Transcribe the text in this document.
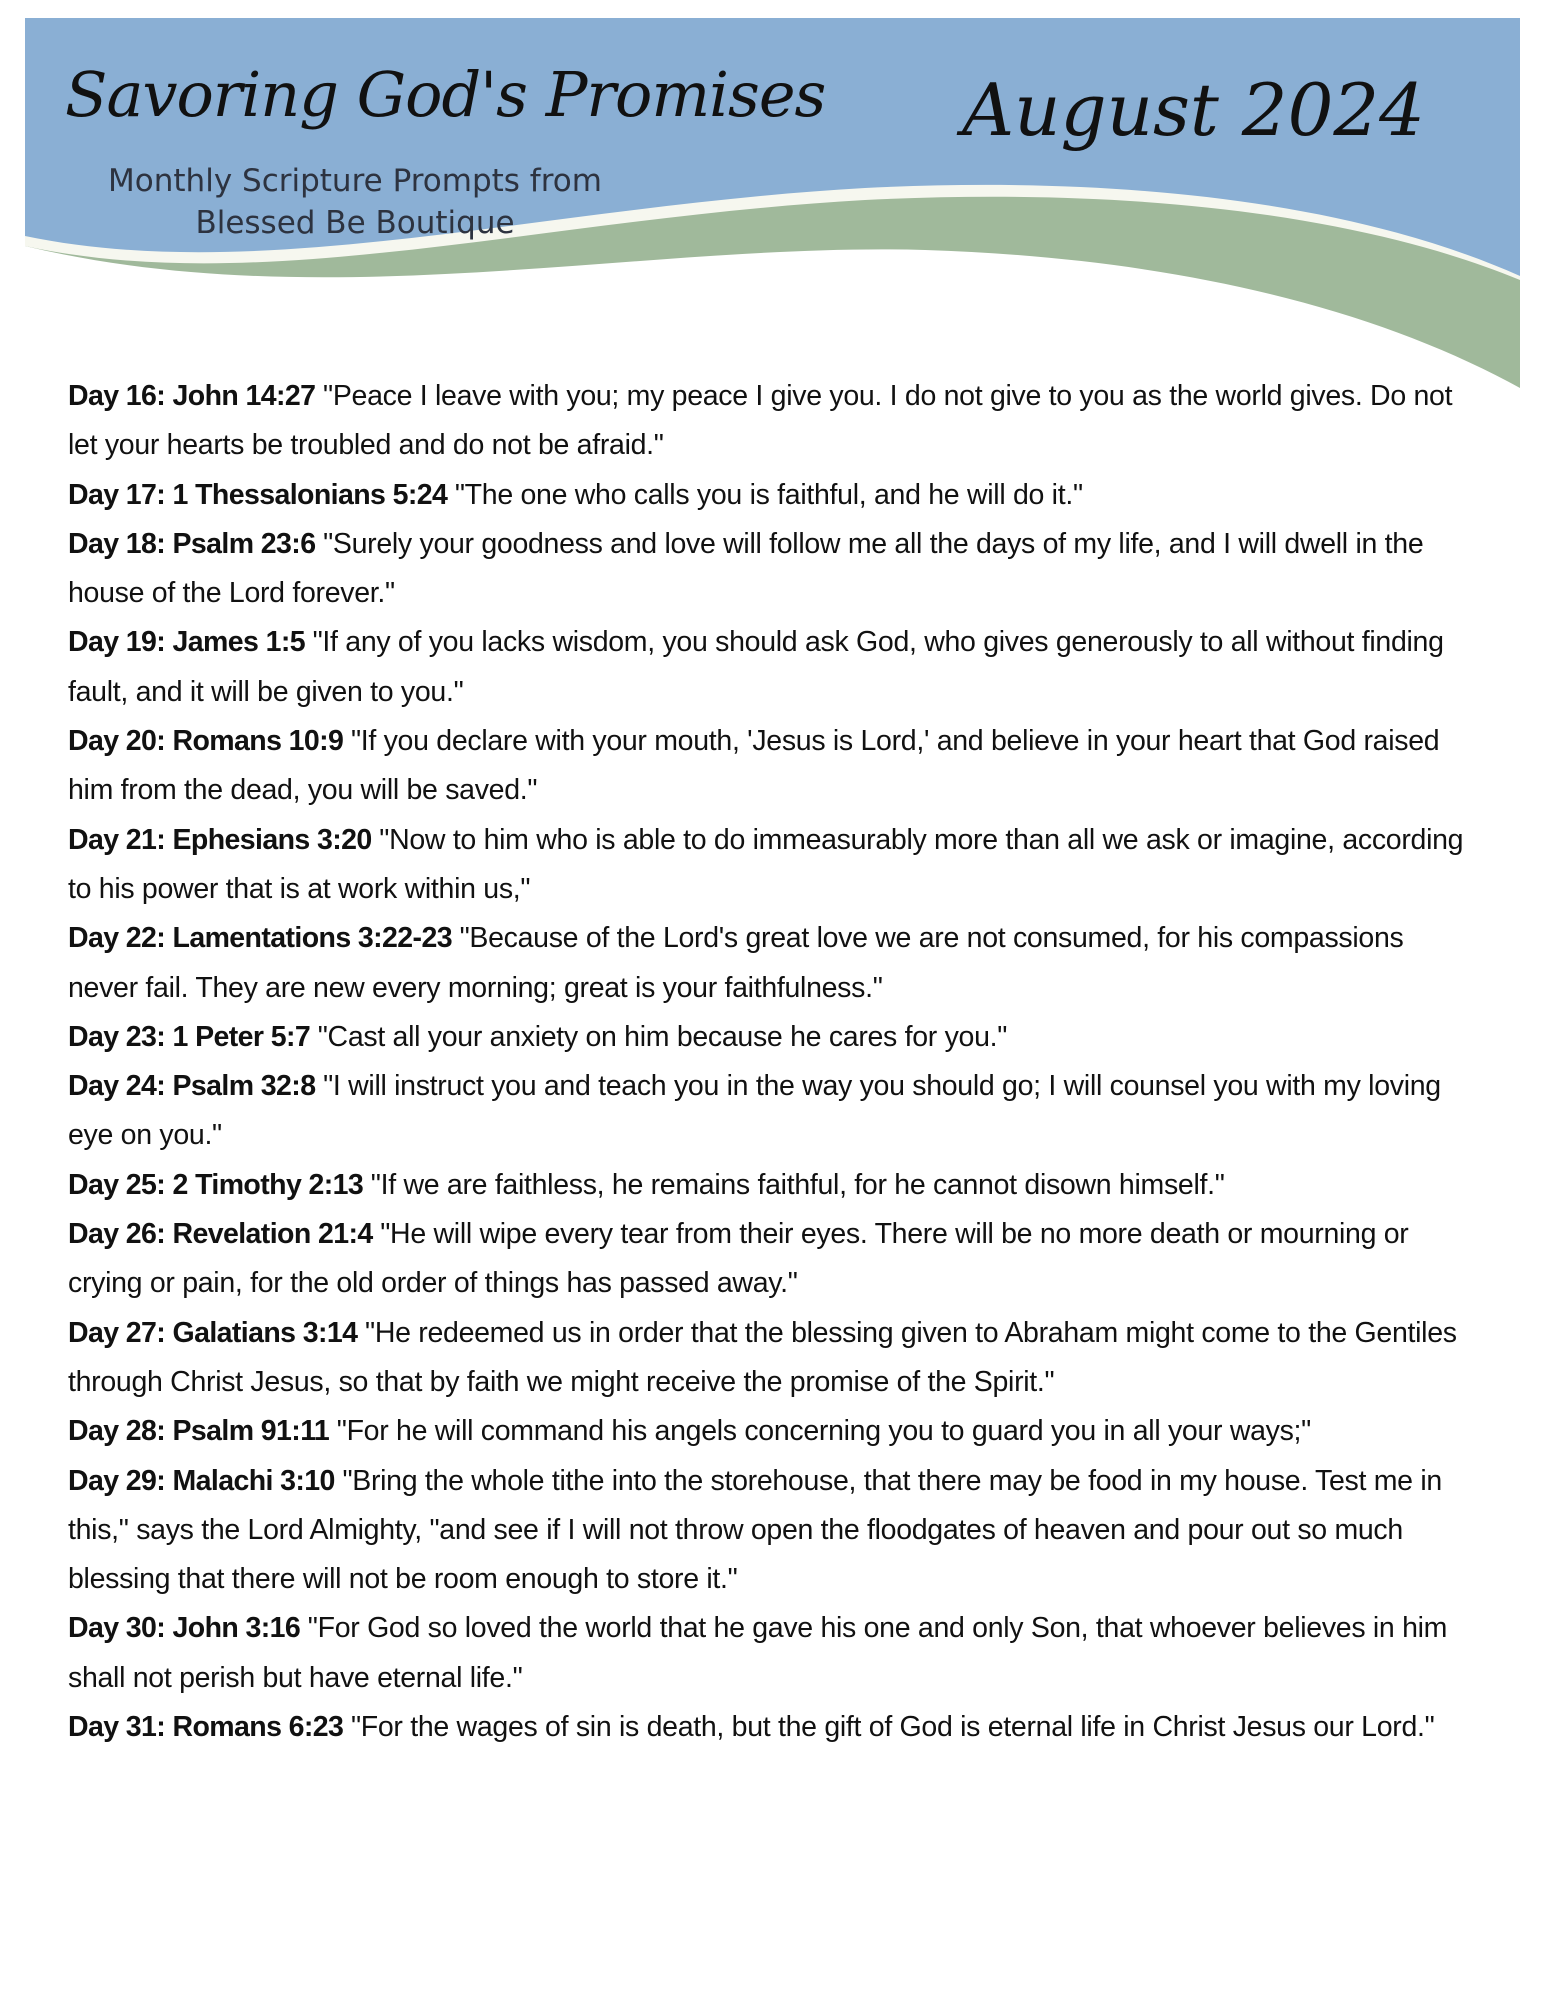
Savoring God's Promises
Monthly Scripture Prompts from
Blessed Be Boutique
August 2024

Day 16: John 14:27 "Peace I leave with you; my peace I give you. I do not give to you as the world gives. Do not let your hearts be troubled and do not be afraid."

Day 17: 1 Thessalonians 5:24 "The one who calls you is faithful, and he will do it."

Day 18: Psalm 23:6 "Surely your goodness and love will follow me all the days of my life, and I will dwell in the house of the Lord forever."

Day 19: James 1:5 "If any of you lacks wisdom, you should ask God, who gives generously to all without finding fault, and it will be given to you."

Day 20: Romans 10:9 "If you declare with your mouth, 'Jesus is Lord,' and believe in your heart that God raised him from the dead, you will be saved."

Day 21: Ephesians 3:20 "Now to him who is able to do immeasurably more than all we ask or imagine, according to his power that is at work within us,"

Day 22: Lamentations 3:22-23 "Because of the Lord's great love we are not consumed, for his compassions never fail. They are new every morning; great is your faithfulness."

Day 23: 1 Peter 5:7 "Cast all your anxiety on him because he cares for you."

Day 24: Psalm 32:8 "I will instruct you and teach you in the way you should go; I will counsel you with my loving eye on you."

Day 25: 2 Timothy 2:13 "If we are faithless, he remains faithful, for he cannot disown himself."

Day 26: Revelation 21:4 "He will wipe every tear from their eyes. There will be no more death or mourning or crying or pain, for the old order of things has passed away."

Day 27: Galatians 3:14 "He redeemed us in order that the blessing given to Abraham might come to the Gentiles through Christ Jesus, so that by faith we might receive the promise of the Spirit."

Day 28: Psalm 91:11 "For he will command his angels concerning you to guard you in all your ways;"

Day 29: Malachi 3:10 "Bring the whole tithe into the storehouse, that there may be food in my house. Test me in this," says the Lord Almighty, "and see if I will not throw open the floodgates of heaven and pour out so much blessing that there will not be room enough to store it."

Day 30: John 3:16 "For God so loved the world that he gave his one and only Son, that whoever believes in him shall not perish but have eternal life."

Day 31: Romans 6:23 "For the wages of sin is death, but the gift of God is eternal life in Christ Jesus our Lord."
